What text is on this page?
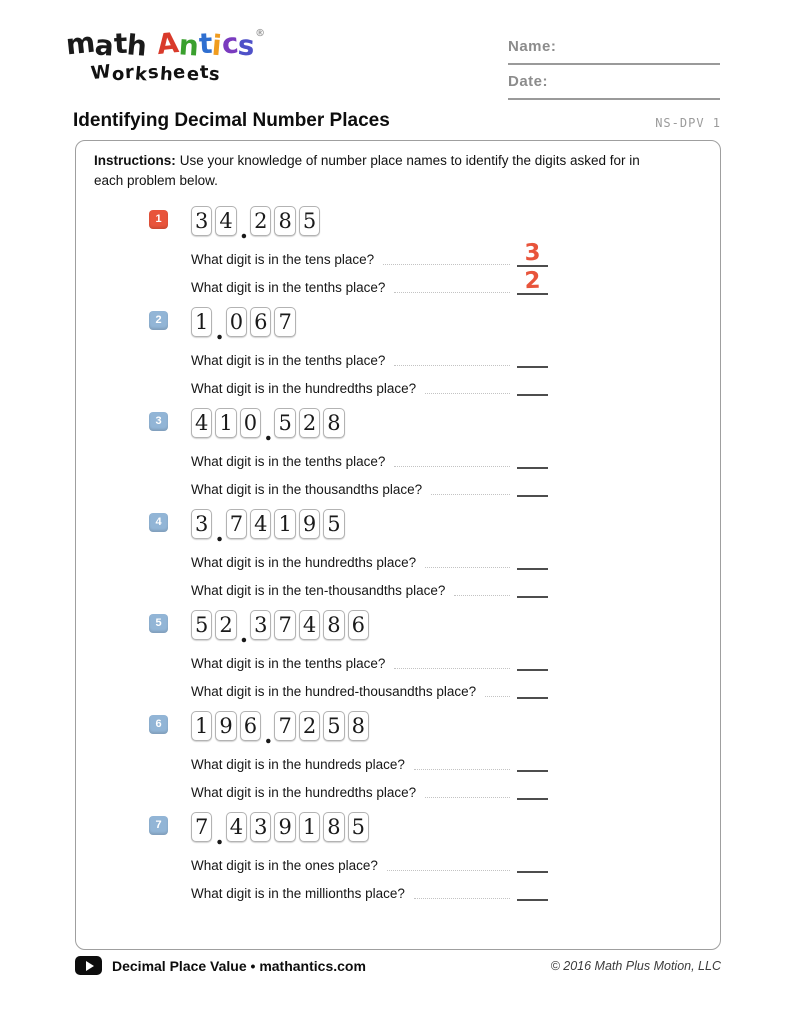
math Antics®
Worksheets
Name:
Date:
Identifying Decimal Number Places	NS-DPV 1

Instructions: Use your knowledge of number place names to identify the digits asked for in each problem below.

1	3 4 . 2 8 5
What digit is in the tens place?	3
What digit is in the tenths place?	2
2	1 . 0 6 7
What digit is in the tenths place?
What digit is in the hundredths place?
3	4 1 0 . 5 2 8
What digit is in the tenths place?
What digit is in the thousandths place?
4	3 . 7 4 1 9 5
What digit is in the hundredths place?
What digit is in the ten-thousandths place?
5	5 2 . 3 7 4 8 6
What digit is in the tenths place?
What digit is in the hundred-thousandths place?
6	1 9 6 . 7 2 5 8
What digit is in the hundreds place?
What digit is in the hundredths place?
7	7 . 4 3 9 1 8 5
What digit is in the ones place?
What digit is in the millionths place?
Decimal Place Value • mathantics.com	© 2016 Math Plus Motion, LLC
